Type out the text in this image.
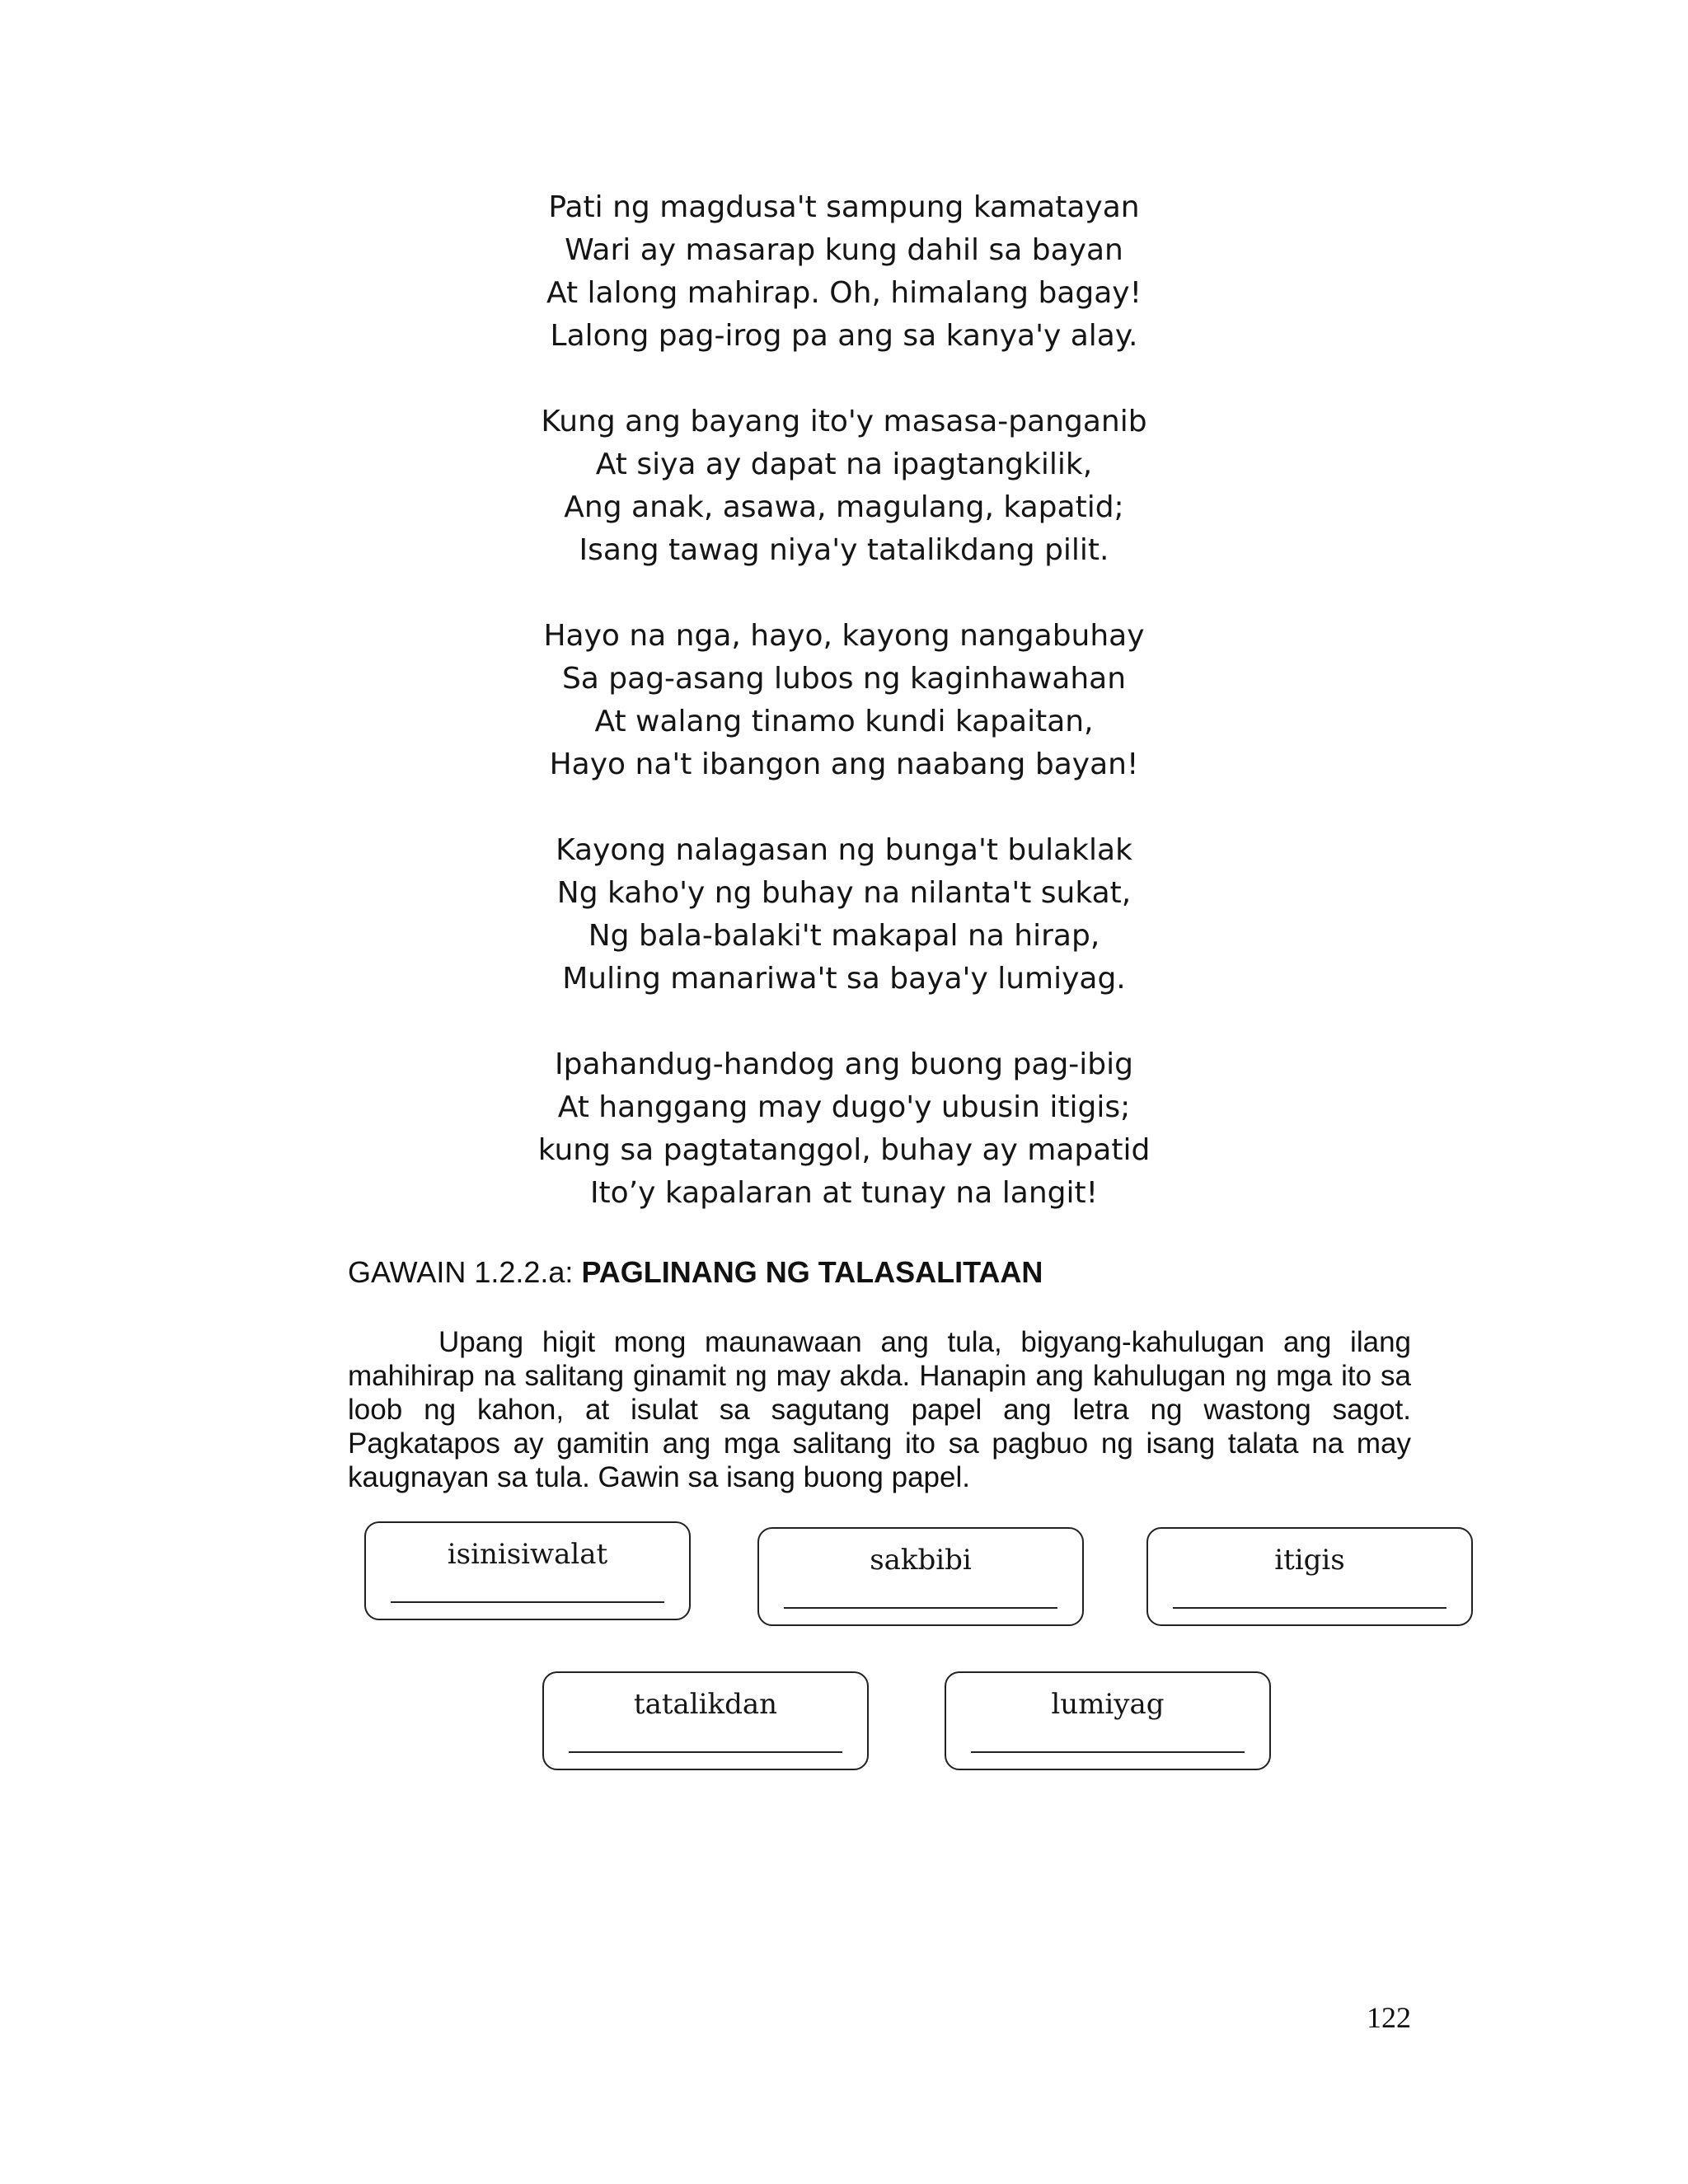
Pati ng magdusa't sampung kamatayan
Wari ay masarap kung dahil sa bayan
At lalong mahirap. Oh, himalang bagay!
Lalong pag-irog pa ang sa kanya'y alay.
Kung ang bayang ito'y masasa-panganib
At siya ay dapat na ipagtangkilik,
Ang anak, asawa, magulang, kapatid;
Isang tawag niya'y tatalikdang pilit.
Hayo na nga, hayo, kayong nangabuhay
Sa pag-asang lubos ng kaginhawahan
At walang tinamo kundi kapaitan,
Hayo na't ibangon ang naabang bayan!
Kayong nalagasan ng bunga't bulaklak
Ng kaho'y ng buhay na nilanta't sukat,
Ng bala-balaki't makapal na hirap,
Muling manariwa't sa baya'y lumiyag.
Ipahandug-handog ang buong pag-ibig
At hanggang may dugo'y ubusin itigis;
kung sa pagtatanggol, buhay ay mapatid
Ito’y kapalaran at tunay na langit!
GAWAIN 1.2.2.a: PAGLINANG NG TALASALITAAN

Upang higit mong maunawaan ang tula, bigyang-kahulugan ang ilang mahihirap na salitang ginamit ng may akda. Hanapin ang kahulugan ng mga ito sa loob ng kahon, at isulat sa sagutang papel ang letra ng wastong sagot. Pagkatapos ay gamitin ang mga salitang ito sa pagbuo ng isang talata na may kaugnayan sa tula. Gawin sa isang buong papel.

isinisiwalat	sakbibi	itigis
tatalikdan	lumiyag
122
